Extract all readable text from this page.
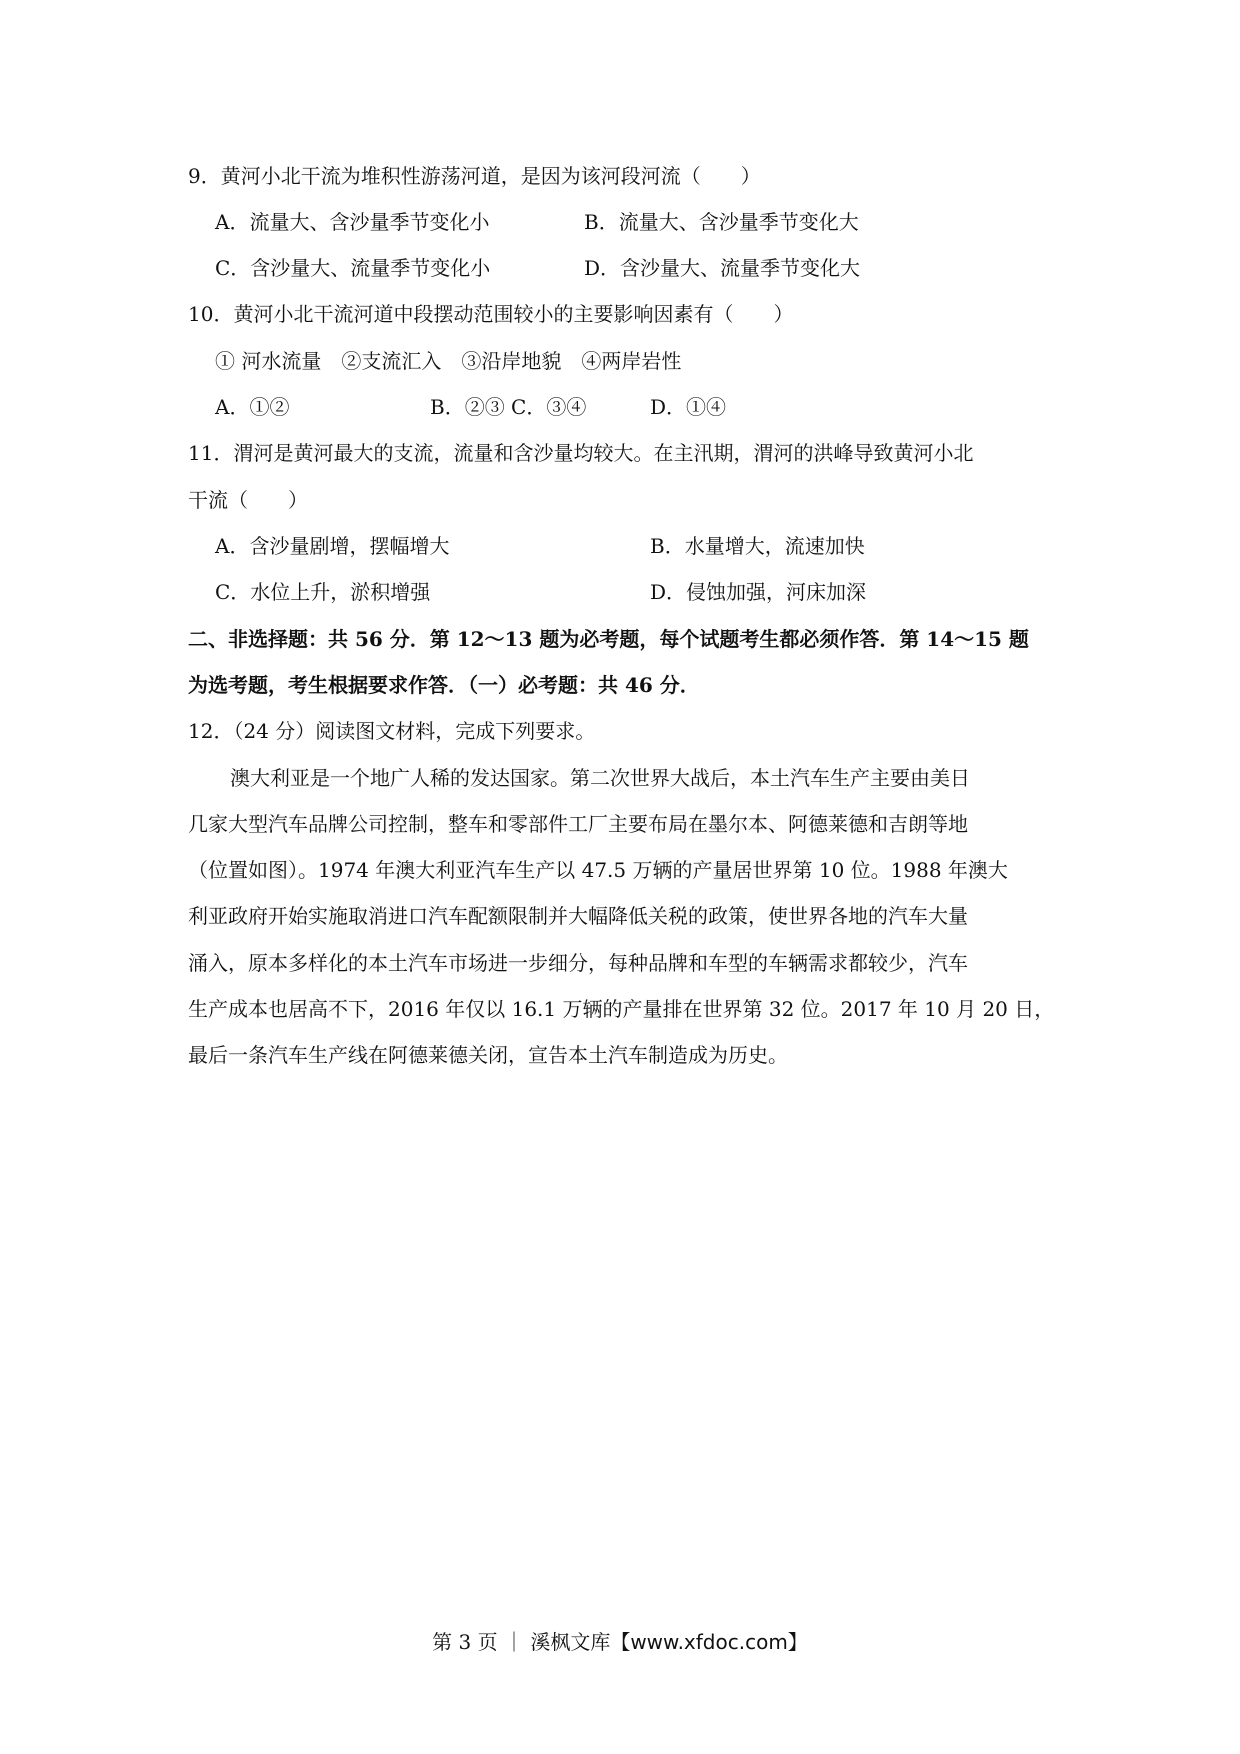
9．黄河小北干流为堆积性游荡河道，是因为该河段河流（　　）
A．流量大、含沙量季节变化小	B．流量大、含沙量季节变化大
C．含沙量大、流量季节变化小	D．含沙量大、流量季节变化大
10．黄河小北干流河道中段摆动范围较小的主要影响因素有（　　）
① 河水流量　②支流汇入　③沿岸地貌　④两岸岩性
A．①②	B．②③ C．③④	D．①④
11．渭河是黄河最大的支流，流量和含沙量均较大。在主汛期，渭河的洪峰导致黄河小北
干流（　　）
A．含沙量剧增，摆幅增大	B．水量增大，流速加快
C．水位上升，淤积增强	D．侵蚀加强，河床加深
二、非选择题：共 56 分．第 12～13 题为必考题，每个试题考生都必须作答．第 14～15 题
为选考题，考生根据要求作答．（一）必考题：共 46 分．
12．（24 分）阅读图文材料，完成下列要求。
澳大利亚是一个地广人稀的发达国家。第二次世界大战后，本土汽车生产主要由美日
几家大型汽车品牌公司控制，整车和零部件工厂主要布局在墨尔本、阿德莱德和吉朗等地
（位置如图）。1974 年澳大利亚汽车生产以 47.5 万辆的产量居世界第 10 位。1988 年澳大
利亚政府开始实施取消进口汽车配额限制并大幅降低关税的政策，使世界各地的汽车大量
涌入，原本多样化的本土汽车市场进一步细分，每种品牌和车型的车辆需求都较少，汽车
生产成本也居高不下，2016 年仅以 16.1 万辆的产量排在世界第 32 位。2017 年 10 月 20 日，
最后一条汽车生产线在阿德莱德关闭，宣告本土汽车制造成为历史。
第 3 页 ｜ 溪枫文库【www.xfdoc.com】
